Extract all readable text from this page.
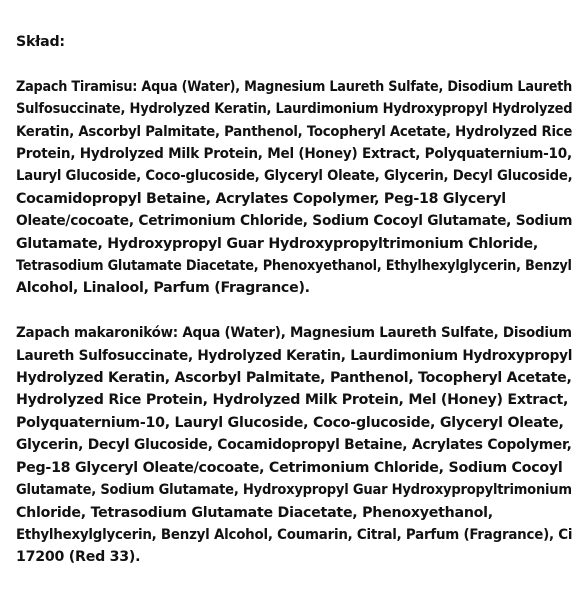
Skład:
Zapach Tiramisu: Aqua (Water), Magnesium Laureth Sulfate, Disodium Laureth Sulfosuccinate, Hydrolyzed Keratin, Laurdimonium Hydroxypropyl Hydrolyzed Keratin, Ascorbyl Palmitate, Panthenol, Tocopheryl Acetate, Hydrolyzed Rice Protein, Hydrolyzed Milk Protein, Mel (Honey) Extract, Polyquaternium-10, Lauryl Glucoside, Coco-glucoside, Glyceryl Oleate, Glycerin, Decyl Glucoside,
Cocamidopropyl Betaine, Acrylates Copolymer, Peg-18 Glyceryl
Oleate/cocoate, Cetrimonium Chloride, Sodium Cocoyl Glutamate, Sodium
Glutamate, Hydroxypropyl Guar Hydroxypropyltrimonium Chloride,
Tetrasodium Glutamate Diacetate, Phenoxyethanol, Ethylhexylglycerin, Benzyl
Alcohol, Linalool, Parfum (Fragrance).
Zapach makaroników: Aqua (Water), Magnesium Laureth Sulfate, Disodium Laureth Sulfosuccinate, Hydrolyzed Keratin, Laurdimonium Hydroxypropyl Hydrolyzed Keratin, Ascorbyl Palmitate, Panthenol, Tocopheryl Acetate,
Hydrolyzed Rice Protein, Hydrolyzed Milk Protein, Mel (Honey) Extract,
Polyquaternium-10, Lauryl Glucoside, Coco-glucoside, Glyceryl Oleate,
Glycerin, Decyl Glucoside, Cocamidopropyl Betaine, Acrylates Copolymer,
Peg-18 Glyceryl Oleate/cocoate, Cetrimonium Chloride, Sodium Cocoyl
Glutamate, Sodium Glutamate, Hydroxypropyl Guar Hydroxypropyltrimonium
Chloride, Tetrasodium Glutamate Diacetate, Phenoxyethanol,
Ethylhexylglycerin, Benzyl Alcohol, Coumarin, Citral, Parfum (Fragrance), Ci
17200 (Red 33).
